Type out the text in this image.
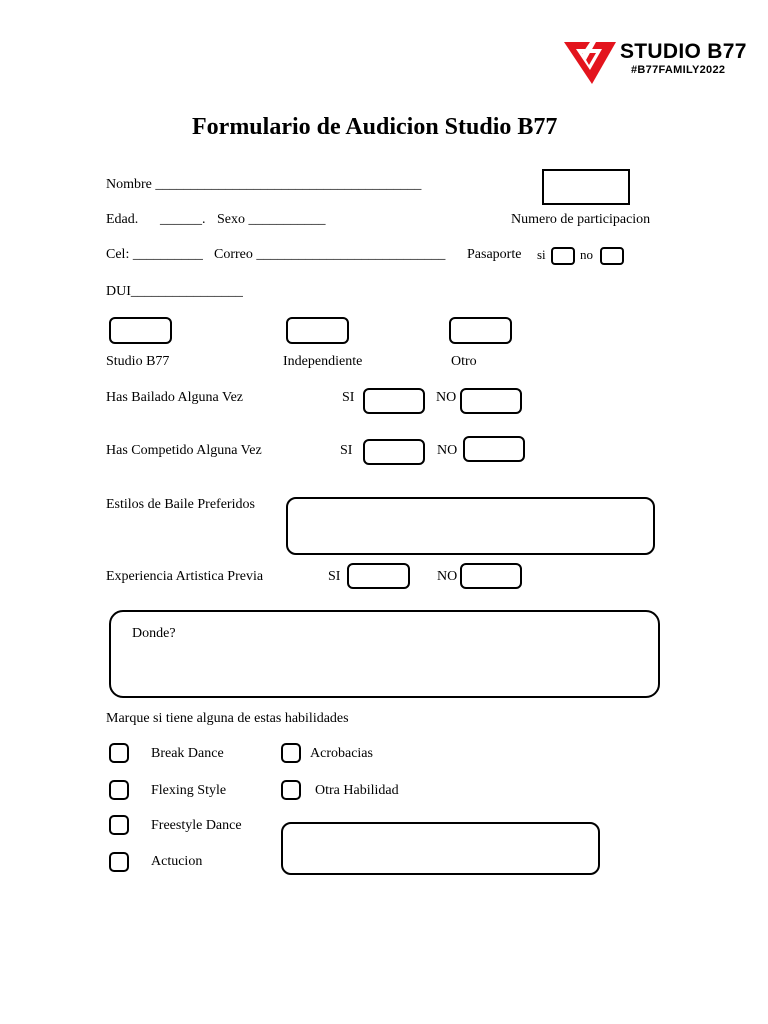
STUDIO B77
#B77FAMILY2022
Formulario de Audicion Studio B77
Nombre ______________________________________
Edad. ______. Sexo ___________	Numero de participacion
Cel: __________ Correo ___________________________ Pasaporte si	no
DUI________________
Studio B77	Independiente	Otro
Has Bailado Alguna Vez	SI	NO
Has Competido Alguna Vez	SI	NO
Estilos de Baile Preferidos
Experiencia Artistica Previa	SI	NO
Donde?
Marque si tiene alguna de estas habilidades
Break Dance
Flexing Style
Freestyle Dance
Actucion
Acrobacias
Otra Habilidad
